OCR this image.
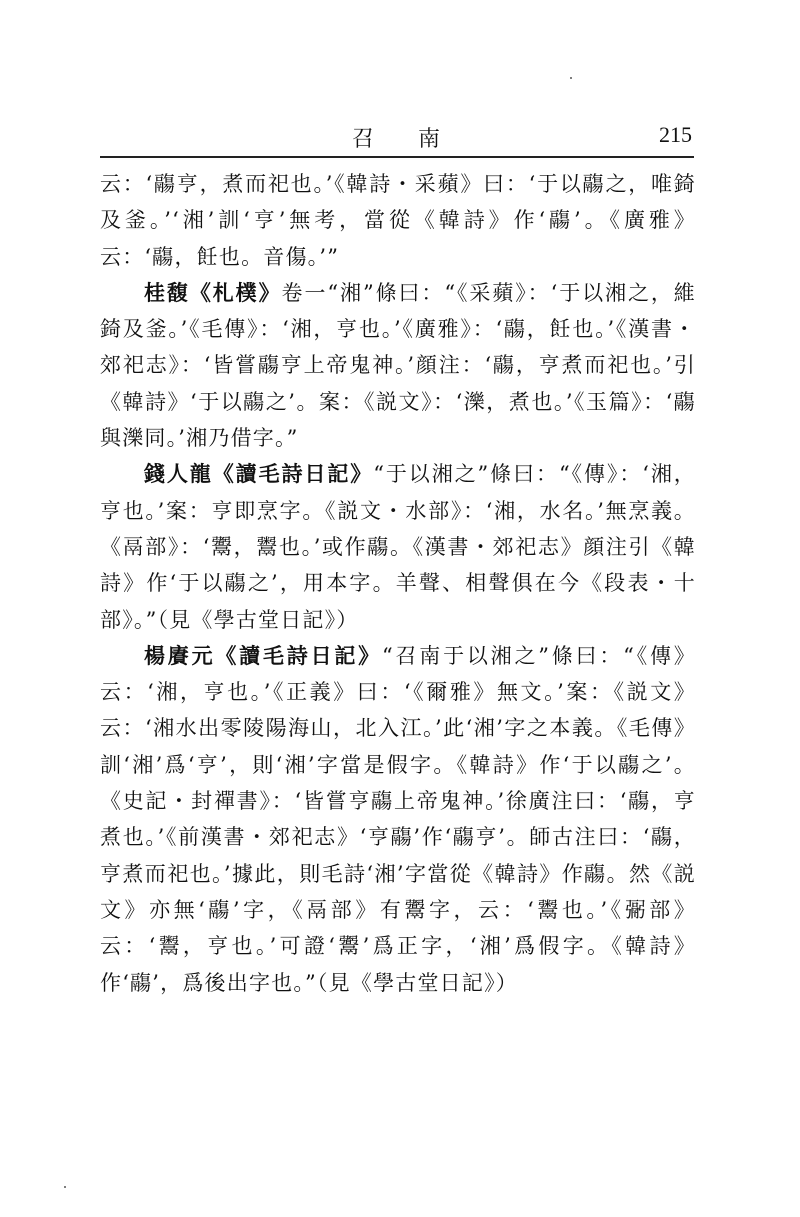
召南	215

云：‘鬺亨，煮而祀也。’《韓詩・采蘋》曰：‘于以鬺之，唯錡及釜。’‘湘’訓‘亨’無考，當從《韓詩》作‘鬺’。《廣雅》云：‘鬺，飪也。音傷。’”

桂馥《札樸》卷一“湘”條曰：“《采蘋》：‘于以湘之，維錡及釜。’《毛傳》：‘湘，亨也。’《廣雅》：‘鬺，飪也。’《漢書・郊祀志》：‘皆嘗鬺亨上帝鬼神。’顔注：‘鬺，亨煮而祀也。’引《韓詩》‘于以鬺之’。案：《説文》：‘濼，煮也。’《玉篇》：‘鬺與濼同。’湘乃借字。”

錢人龍《讀毛詩日記》“于以湘之”條曰：“《傳》：‘湘，亨也。’案：亨即烹字。《説文・水部》：‘湘，水名。’無烹義。《鬲部》：‘䰞，鬻也。’或作鬺。《漢書・郊祀志》顔注引《韓詩》作‘于以鬺之’，用本字。羊聲、相聲俱在今《段表・十部》。”（見《學古堂日記》）

楊賡元《讀毛詩日記》“召南于以湘之”條曰：“《傳》云：‘湘，亨也。’《正義》曰：‘《爾雅》無文。’案：《説文》云：‘湘水出零陵陽海山，北入江。’此‘湘’字之本義。《毛傳》訓‘湘’爲‘亨’，則‘湘’字當是假字。《韓詩》作‘于以鬺之’。《史記・封禪書》：‘皆嘗亨鬺上帝鬼神。’徐廣注曰：‘鬺，亨煮也。’《前漢書・郊祀志》‘亨鬺’作‘鬺亨’。師古注曰：‘鬺，亨煮而祀也。’據此，則毛詩‘湘’字當從《韓詩》作鬺。然《説文》亦無‘鬺’字，《鬲部》有䰞字，云：‘鬻也。’《䰜部》云：‘鬻，亨也。’可證‘䰞’爲正字，‘湘’爲假字。《韓詩》作‘鬺’，爲後出字也。”（見《學古堂日記》）
